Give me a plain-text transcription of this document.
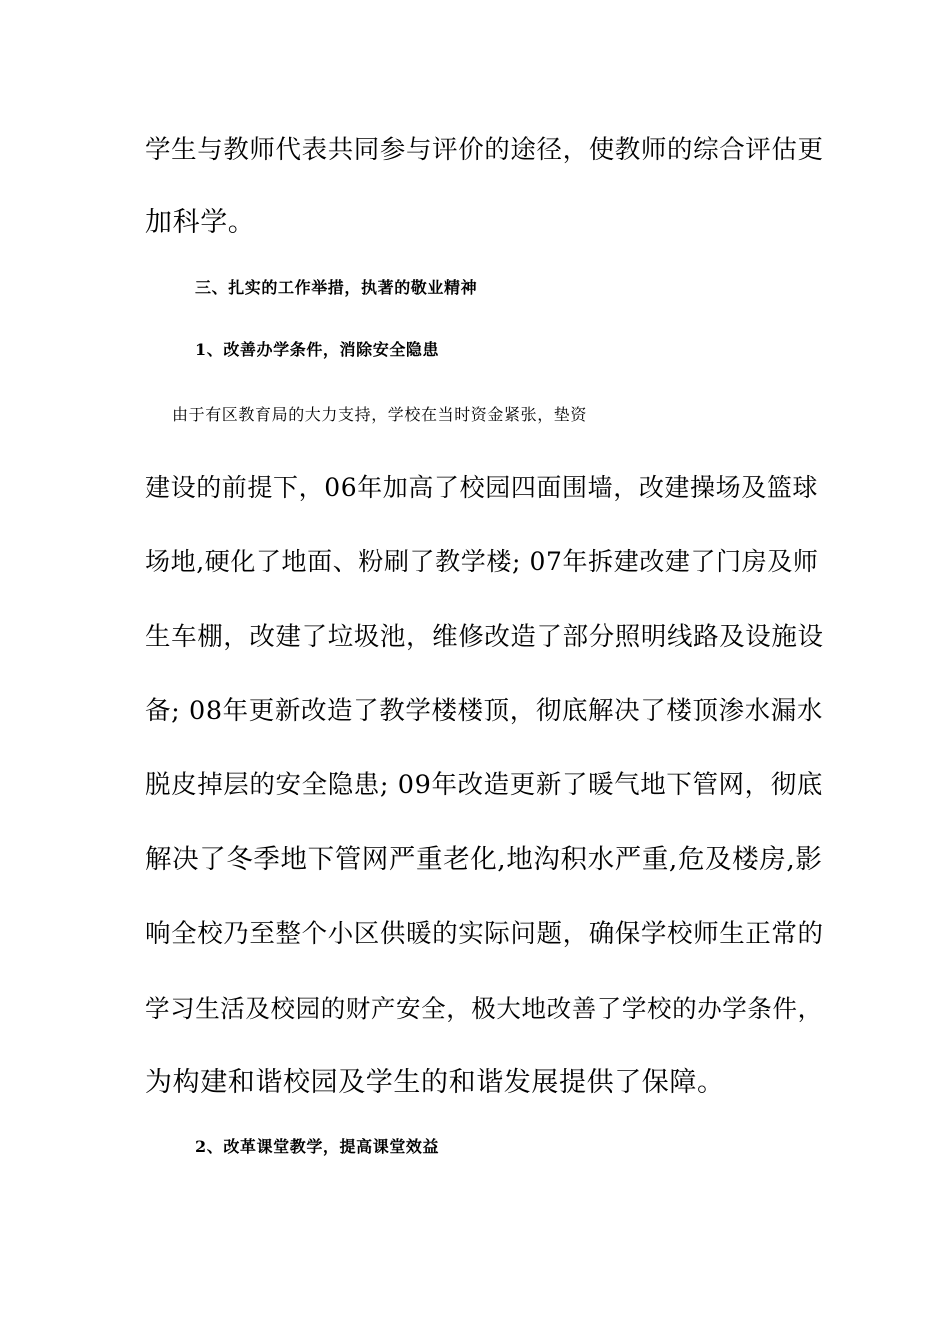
学生与教师代表共同参与评价的途径，使教师的综合评估更
加科学。
三、扎实的工作举措，执著的敬业精神
1、改善办学条件，消除安全隐患
由于有区教育局的大力支持，学校在当时资金紧张，垫资
建设的前提下，06年加高了校园四面围墙，改建操场及篮球
场地,硬化了地面、粉刷了教学楼; 07年拆建改建了门房及师
生车棚，改建了垃圾池，维修改造了部分照明线路及设施设
备; 08年更新改造了教学楼楼顶，彻底解决了楼顶渗水漏水
脱皮掉层的安全隐患; 09年改造更新了暖气地下管网，彻底
解决了冬季地下管网严重老化,地沟积水严重,危及楼房,影
响全校乃至整个小区供暖的实际问题，确保学校师生正常的
学习生活及校园的财产安全，极大地改善了学校的办学条件，
为构建和谐校园及学生的和谐发展提供了保障。
2、改革课堂教学，提高课堂效益
